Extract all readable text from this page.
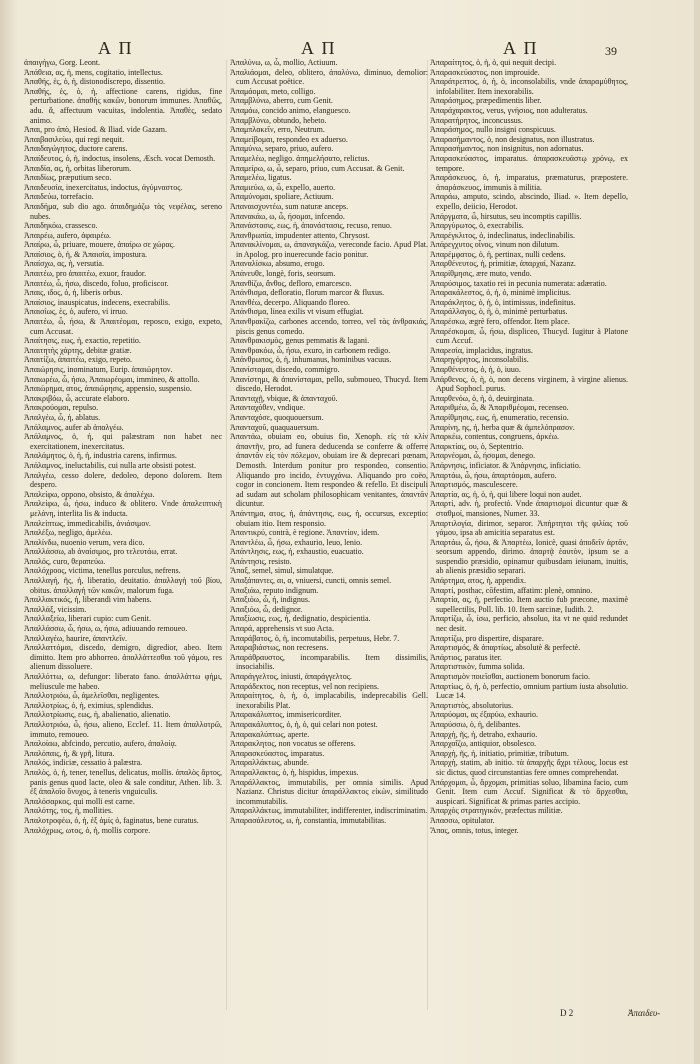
Α Π	Α Π	Α Π	39

ἀπαιγήγω, Gorg. Leont.

Ἀπάθεια, ας, ἡ, mens, cogitatio, intellectus.

Ἀπαθής, ἑς, ὁ, ἡ, distonodiscrepo, dissentio.

Ἀπαθής, ἑς, ὁ, ἡ, affectione carens, rigidus, fine perturbatione. ἀπαθὴς κακῶν, bonorum immunes. Ἀπαθῶς, adu. ἃ, affectuum vacuitas, indolentia. Ἀπαθὲς, sedato animo.

Ἀπαι, pro ἀπὸ, Hesiod. & Iliad. vide Gazam.

Ἀπαιβασιλεὺω, qui regi nequit.

Ἀπαιδαγώγητος, ductore carens.

Ἀπαίδευτος, ὁ, ἡ, indoctus, insolens, Æsch. vocat Demosth.

Ἀπαιδία, ας, ἡ, orbitas liberorum.

Ἀπαιδίως, præputium seco.

Ἀπαιδευσία, inexercitatus, indoctus, ἀγύμναστος.

Ἀπαιδεύω, torrefacio.

Ἀπαιδήμα, sub dio ago. ἀπαιδημάζω τὰς νεφέλας, sereno nubes.

Ἀπαιδηκόω, crassesco.

Ἀπαιρέω, aufero, ἀφαιρέω.

Ἀπαίρω, ὦ, priuare, mouere, ἀπαίρω σε χώρας.

Ἀπαίσιος, ὁ, ἡ, & Ἀπαισία, impostura.

Ἀπαίσχω, ας, ἡ, versutia.

Ἀπαιτέω, pro ἀπαιτέω, exuor, fraudor.

Ἀπαιτέω, ὦ, ήσω, discedo, foluo, proficiscor.

Ἀπαις, ιδος, ὁ, ἡ, liberis orbus.

Ἀπαίσιος, inauspicatus, indecens, execrabilis.

Ἀπαισίως, ἑς, ὁ, aufero, vi irruo.

Ἀπαιτέω, ὦ, ήσω, & Ἀπαιτέομαι, reposco, exigo, expeto, cum Accusat.

Ἀπαίτησις, εως, ἡ, exactio, repetitio.

Ἀπαιτητὴς χάρτης, debitæ gratiæ.

Ἀπαιτίζω, ἀπαιτέω, exigo, repeto.

Ἀπαιώρησις, inominatum, Eurip. ἀπαιώρητον.

Ἀπαιωρέω, ὦ, ήσω, Ἀπαιωρέομαι, immineo, & attollo.

Ἀπαιώρημα, ατος, ἀπαιώρησις, appensio, suspensio.

Ἀπακριβόω, ὦ, accurate elaboro.

Ἀπακρούομαι, repulso.

Ἀπαλγέω, ὦ, ἡ, ablatus.

Ἀπάλαμνος, aufer ab ἀπαλγέω.

Ἀπάλαμνος, ὁ, ἡ, qui palæstram non habet nec exercitationem, inexercitatus.

Ἀπαλάμητος, ὁ, ἡ, ἡ, industria carens, infirmus.

Ἀπάλαμνος, ineluctabilis, cui nulla arte obsisti potest.

Ἀπαλγέω, cesso dolere, dedoleo, depono dolorem. Item despero.

Ἀπαλείφω, oppono, obsisto, & ἀπαλέχω.

Ἀπαλείφω, ὦ, ήσω, induco & oblitero. Vnde ἀπαλειπτικὴ μελάνη, interlita lis & inducta.

Ἀπαλείπτως, immedicabilis, ἀνιάσιμον.

Ἀπαλέξω, negligo, ἀμελέω.

Ἀπαλίνδω, nuoenio verum, vera dico.

Ἀπαλλάσσω, ab ἀναίσιμος, pro τελευτάω, errat.

Ἀπαλός, curo, θεραπεύω.

Ἀπαλόχροος, victima, tenellus porculus, nefrens.

Ἀπαλλαγή, ῆς, ἡ, liberatio, deuitatio. ἀπαλλαγὴ τοῦ βίου, obitus. ἀπαλλαγὴ τῶν κακῶν, malorum fuga.

Ἀπαλλακτικός, ἡ, liberandi vim habens.

Ἀπαλλάξ, vicissim.

Ἀπαλλαξείω, liberari cupio: cum Genit.

Ἀπαλλάσσω, ὦ, ήσω, ω, ήσω, adiuuando remoueo.

Ἀπαλλαγέω, haurire, ἀπαντλεῖν.

Ἀπαλλαττόμαι, discedo, demigro, digredior, abeo. Item dimitto. Item pro abhorreo. ἀπαλλάττεσθαι τοῦ γάμου, res alienum dissoluere.

Ἀπαλλόττω, ω, defungor: liberato fano. ἀπαλλάττω φήμι, meliuscule me habeo.

Ἀπαλλοτριόω, ὦ, ἀμελεῖσθαι, negligentes.

Ἀπαλλοτρίως, ὁ, ἡ, eximius, splendidus.

Ἀπαλλοτρίωσις, εως, ἡ, abalienatio, alienatio.

Ἀπαλλοτριόω, ὦ, ήσω, alieno, Ecclef. 11. Item ἀπαλλοτρῶ, immuto, remoueo.

Ἀπαλοίαω, abfcindo, percutio, aufero, ἀπαλοίᾳ.

Ἀπαλόπαις, ἡ, & γρῆ, litura.

Ἀπαλός, indiciæ, cessatio à palæstra.

Ἀπαλὸς, ὁ, ἡ, tener, tenellus, delicatus, mollis. ἀπαλὸς ἄρτος, panis genus quod lacte, oleo & sale conditur, Athen. lib. 3. ἐξ ἀπαλοῖο ὄνυχος, à teneris vnguiculis.

Ἀπαλόσαρκος, qui molli est carne.

Ἀπαλότης, τος, ἡ, mollities.

Ἀπαλοτροφέω, ὁ, ἡ, ἐξ ἀμίς ὁ, faginatus, bene curatus.

Ἀπαλόχρως, ωτος, ὁ, ἡ, mollis corpore.

Ἀπαλύνω, ω, ὦ, mollio, Actiuum.

Ἀπαλιάομαι, deleo, oblitero, ἀπαλύνω, diminuo, demolior: cum Accusat poëtice.

Ἀπαμάομαι, meto, colligo.

Ἀπαμβλύνω, aberro, cum Genit.

Ἀπαμάω, concido animo, elanguesco.

Ἀπαμβλύνω, obtundo, hebeto.

Ἀπαμπλακεῖν, erro, Neutrum.

Ἀπαμείβομαι, respondeo ex aduerso.

Ἀπαμύνω, separo, priuo, aufero.

Ἀπαμελέω, negligo. ἀπημελήσατο, relictus.

Ἀπαμείρω, ω, ὦ, separo, priuo, cum Accusat. & Genit.

Ἀπαμελέω, ligatus.

Ἀπαμιεύω, ω, ὦ, expello, auerto.

Ἀπαμύνομαι, spoliare, Actiuum.

Ἀπαναισχυντέω, sum naturæ anceps.

Ἀπανακάω, ω, ὦ, ήσομαι, infcendo.

Ἀπανάστασις, εως, ἡ, ἀπανάστασις, recuso, renuo.

Ἀπανθρωπία, impudenter attento, Chrysost.

Ἀπανακλίνομαι, ω, ἀπαναγκάζω, vereconde facio. Apud Plat. in Apolog. pro inuerecunde facio ponitur.

Ἀπαναλίσκω, absumo, erogo.

Ἀπάνευθε, longè, foris, seorsum.

Ἀπανθίζω, ἄνθος, deflorо, emarcesco.

Ἀπάνθισμα, defloratio, florum marcor & fluxus.

Ἀπανθέω, decerpo. Aliquando floreo.

Ἀπάνθισμα, linea exilis vt visum effugiat.

Ἀπανθρακίζω, carbones accendo, torreo, vel τὰς ἀνθρακιάς, piscis genus comedo.

Ἀπανθρακισμὸς, genus pemmatis & lagani.

Ἀπανθρακόω, ὦ, ήσω, exuro, in carbonem redigo.

Ἀπάνθρωπος, ὁ, ἡ, inhumanus, hominibus vacuus.

Ἀπανίσταμαι, discedo, commigro.

Ἀπανίστημι, & ἀπανίσταμαι, pello, submoueo, Thucyd. Item discedo, Herodot.

Ἀπανταχῇ, vbique, & ἀπανταχοῦ.

Ἀπανταχόθεν, vndique.

Ἀπανταχόσε, quoquouersum.

Ἀπανταχοῦ, quaquauersum.

Ἀπαντάω, obuiam eo, obuius fio, Xenoph. εἰς τὰ κλίν ἀπαντῆν, pro, ad funera deducenda se conferre & offerre ἀπαντᾶν εἰς τὸν πόλεμον, obuiam ire & deprecari pœnam, Demosth. Interdum ponitur pro respondeo, consentio. Aliquando pro incido, ἐντυγχάνω. Aliquando pro coëo, cogor in concionem. Item respondeo & refello. Et discipuli ad sudam aut scholam philosophicam venitantes, ἀπαντᾶν dicuntur.

Ἀπάντημα, ατος, ἡ, ἀπάντησις, εως, ἡ, occursus, exceptio: obuiam itio. Item responsio.

Ἀπαντικρύ, contrà, è regione. Ἀπαντίον, idem.

Ἀπαντλέω, ὦ, ήσω, exhaurio, leuo, lenio.

Ἀπάντλησις, εως, ἡ, exhaustio, euacuatio.

Ἀπάντησις, resisto.

Ἅπαξ, semel, simul, simulatque.

Ἁπαξάπαντες, αι, α, vniuersi, cuncti, omnis semel.

Ἀπαξιάω, reputo indignum.

Ἀπαξιόω, ὦ, ἡ, indignus.

Ἀπαξιόω, ὦ, dedignor.

Ἀπαξίωσις, εως, ἡ, dedignatio, despicientia.

Ἀπαρά, apprehensis vt suo Acta.

Ἀπαράβατος, ὁ, ἡ, incomutabilis, perpetuus, Hebr. 7.

Ἀπαραβιάστως, non recresens.

Ἀπαράθραυστος, incomparabilis. Item dissimilis, insociabilis.

Ἀπαράγγελτος, iniusti, ἀπαράγγελτος.

Ἀπαράδεκτος, non receptus, vel non recipiens.

Ἀπαραίτητος, ὁ, ἡ, ὁ, implacabilis, indeprecabilis Gell. inexorabilis Plat.

Ἀπαρακάλυπτος, immisericorditer.

Ἀπαρακάλυπτος, ὁ, ἡ, ὁ, qui celari non potest.

Ἀπαρακαλύπτως, aperte.

Ἀπαρακλητος, non vocatus se offerens.

Ἀπαρασκεύαστος, imparatus.

Ἀπαραλλάκτως, abunde.

Ἀπαραλλακτος, ὁ, ἡ, hispidus, impexus.

Ἀπαράλλακτος, immutabilis, per omnia similis. Apud Nazianz. Christus dicitur ἀπαράλλακτος εἰκὼν, similitudo incommutabilis.

Ἀπαραλλάκτως, immutabiliter, indifferenter, indiscriminatim.

Ἀπαρασάλευτος, ω, ἡ, constantia, immutabilitas.

Ἀπαραίτητος, ὁ, ἡ, ὁ, qui nequit decipi.

Ἀπαρασκεύαστος, non improuide.

Ἀπαράτρεπτος, ὁ, ἡ, ὁ, inconsolabilis, vnde ἀπαραμύθητος, infolabiliter. Item inexorabilis.

Ἀπαράσημος, præpedimentis liber.

Ἀπαράχαρακτος, verus, γνήσιος, non adulteratus.

Ἀπαρατήρητος, inconcussus.

Ἀπαράσημος, nullo insigni conspicuus.

Ἀπαρασήμαντος, ὁ, non designatus, non illustratus.

Ἀπαρασήμαντος, non insignitus, non adornatus.

Ἀπαρασκεύαστος, imparatus. ἀπαρασκευάστῳ χρόνῳ, ex tempore.

Ἀπαράσκευος, ὁ, ἡ, imparatus, præmaturus, præpostere. ἀπαράσκευος, immunis à militia.

Ἀπαράω, amputo, scindo, abscindo, Iliad. ». Item depello, expello, deiicio, Herodot.

Ἀπάργματα, ὦ, hirsutus, seu incomptis capillis.

Ἀπαργύρωτος, ὁ, execrabilis.

Ἀπαρέγκλιτος, ὁ, indeclinatus, indeclinabilis.

Ἀπάρεγχυτος οἶνος, vinum non dilutum.

Ἀπαρέμφατος, ὁ, ἡ, pertinax, nulli cedens.

Ἀπαρθένευτος, ἡ, primitiæ, ἀπαρχαί, Nazanz.

Ἀπαρίθμησις, ære muto, vendo.

Ἀπαρύσιμος, taxatio rei in pecunia numerata: adæratio.

Ἀπαρακάλεστος, ὁ, ἡ, ὁ, minimè implicitus.

Ἀπαράκλητος, ὁ, ἡ, ὁ, intimissus, indefinitus.

Ἀπαράλλαγος, ὁ, ἡ, ὁ, minimè perturbatus.

Ἀπαρέσκω, ægrè fero, offendor. Item place.

Ἀπαρέσκομαι, ὦ, ήσω, displiceo, Thucyd. Iugitur à Platone cum Accuf.

Ἀπαρεσία, implacidus, ingratus.

Ἀπαρηγόρητος, inconsolabilis.

Ἀπαρθένευτος, ὁ, ἡ, ὁ, iuuo.

Ἀπάρθενος, ὁ, ἡ, ὁ, non decens virginem, à virgine alienus. Apud Sophocl. purus.

Ἀπαρθενόω, ὁ, ἡ, ὁ, deuirginata.

Ἀπαριθμέω, ὦ, & Ἀπαριθμέομαι, recenseo.

Ἀπαρίθμησις, εως, ἡ, enumeratio, recensio.

Ἀπαρίνη, ης, ἡ, herba quæ & ἀμπελόπρασον.

Ἀπαρκέω, contentus, congruens, ἀρκέω.

Ἀπαρκτίας, ου, ὁ, Septentrio.

Ἀπαρνέομαι, ὦ, ήσομαι, denego.

Ἀπάρνησις, inficiator. & Ἀπάρνησις, inficiatio.

Ἀπαρτάω, ὦ, ήσω, ἀπαρτάομαι, aufero.

Ἀπαρτισμός, masculescere.

Ἀπαρτία, ας, ἡ, ὁ, ἡ, qui libere loqui non audet.

Ἀπαρτί, adv. ἡ, profectò. Vnde ἀπαρτισμοί dicuntur quæ & σταθμοί, mansiones, Numer. 33.

Ἀπαρτιλογία, dirimor, separor. Ἀπήρτηται τῆς φιλίας τοῦ γάμου, ipsa ab amicitia separatus est.

Ἀπαρτάω, ὦ, ήσω, & Ἀπαρτέω, Ionicè, quasi ἀποδεῖν ἀρτᾶν, seorsum appendo, dirimo. ἀπαρτᾷ ἑαυτὸν, ipsum se a suspendio præsidio, opinamur quibusdam ieiunam, inuitis, ab alienis præsidio separari.

Ἀπάρτημα, ατος, ἡ, appendix.

Ἀπαρτί, posthac, cōfestim, affatim: plenè, omnino.

Ἀπαρτία, ας, ἡ, perfectio. Item auctio fub præcone, maximè supellectilis, Poll. lib. 10. Item sarcinæ, Iudith. 2.

Ἀπαρτίζω, ὦ, ίσω, perficio, absoluo, ita vt ne quid redundet nec desit.

Ἀπαρτίζω, pro dispertire, disparare.

Ἀπαρτισμός, & ἀπαρτίως, absolutè & perfectè.

Ἀπάρτιος, paratus iter.

Ἀπαρτιστικὸν, fumma solida.

Ἀπαρτισμὸν ποιεῖσθαι, auctionem bonorum facio.

Ἀπαρτίως, ὁ, ἡ, ὁ, perfectio, omnium partium iusta absolutio. Lucæ 14.

Ἀπαρτιστὸς, absolutorius.

Ἀπαρύομαι, ας ἐξαρύω, exhaurio.

Ἀπαρύσσω, ὁ, ἡ, delibantes.

Ἀπαρχὴ, ῆς, ἡ, detraho, exhaurio.

Ἀπαρχαΐζω, antiquior, obsolesco.

Ἀπαρχὴ, ῆς, ἡ, initiatio, primitiæ, tributum.

Ἀπαρχὴ, statim, ab initio. τὰ ἀπαρχῆς ἄχρι τέλους, locus est sic dictus, quod circunstantias fere omnes comprehendat.

Ἀπάρχομαι, ὦ, ἄρχομαι, primitias soluo, libamina facio, cum Genit. Item cum Accuf. Significat & τὸ ἄρχεσθαι, auspicari. Significat & primas partes accipio.

Ἀπαρχὸς στρατηγικόν, præfectus militiæ.

Ἀπασσω, opitulator.

Ἅπας, omnis, totus, integer.

D 2	Ἀπαιδευ-
